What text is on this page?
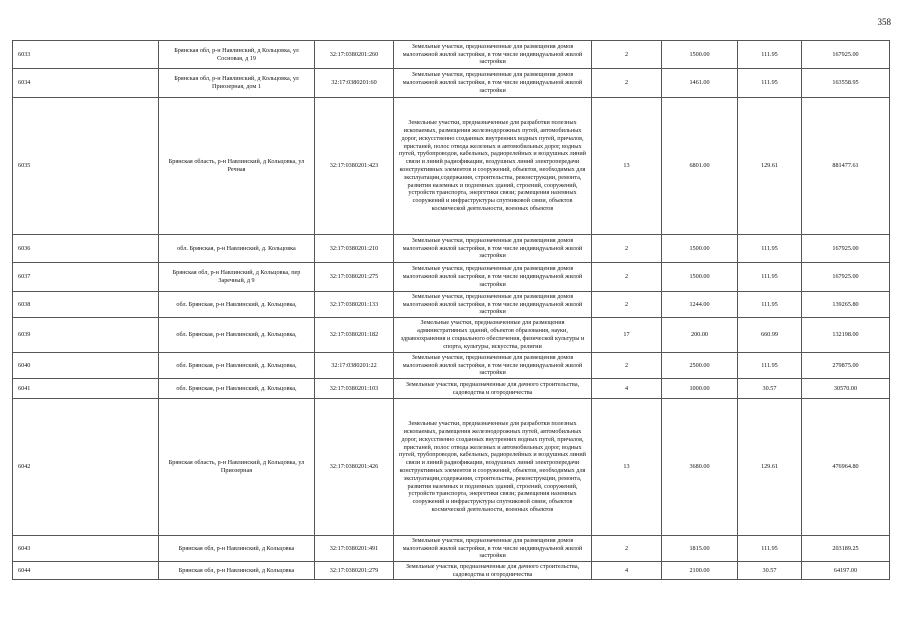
358
6033	Брянская обл, р-н Навлинский, д Кольцовка, ул Сосновая, д 19	32:17:0380201:260	Земельные участки, предназначенные для размещения домов малоэтажной жилой застройки, в том числе индивидуальной жилой застройки	2	1500.00	111.95	167925.00
6034	Брянская обл, р-н Навлинский, д Кольцовка, ул Приозерная, дом 1	32:17:0380201:60	Земельные участки, предназначенные для размещения домов малоэтажной жилой застройки, в том числе индивидуальной жилой застройки	2	1461.00	111.95	163558.95
6035	Брянская область, р-н Навлинский, д Кольцовка, ул Речная	32:17:0380201:423	Земельные участки, предназначенные для разработки полезных ископаемых, размещения железнодорожных путей, автомобильных дорог, искусственно созданных внутренних водных путей, причалов, пристаней, полос отвода железных и автомобильных дорог, водных путей, трубопроводов, кабельных, радиорелейных и воздушных линий связи и линий радиофикации, воздушных линий электропередачи конструктивных элементов и сооружений, объектов, необходимых для эксплуатации,содержания, строительства, реконструкции, ремонта, развития наземных и подземных зданий, строений, сооружений, устройств транспорта, энергетики связи; размещения наземных сооружений и инфраструктуры спутниковой связи, объектов космической деятельности, военных объектов	13	6801.00	129.61	881477.61
6036	обл. Брянская, р-н Навлинский, д. Кольцовка	32:17:0380201:210	Земельные участки, предназначенные для размещения домов малоэтажной жилой застройки, в том числе индивидуальной жилой застройки	2	1500.00	111.95	167925.00
6037	Брянская обл, р-н Навлинский, д Кольцовка, пер Заречный, д 9	32:17:0380201:275	Земельные участки, предназначенные для размещения домов малоэтажной жилой застройки, в том числе индивидуальной жилой застройки	2	1500.00	111.95	167925.00
6038	обл. Брянская, р-н Навлинский, д. Кольцовка,	32:17:0380201:133	Земельные участки, предназначенные для размещения домов малоэтажной жилой застройки, в том числе индивидуальной жилой застройки	2	1244.00	111.95	139265.80
6039	обл. Брянская, р-н Навлинский, д. Кольцовка,	32:17:0380201:182	Земельные участки, предназначенные для размещения административных зданий, объектов образования, науки, здравоохранения и социального обеспечения, физической культуры и спорта, культуры, искусства, религии	17	200.00	660.99	132198.00
6040	обл. Брянская, р-н Навлинский, д. Кольцовка,	32:17:0380201:22	Земельные участки, предназначенные для размещения домов малоэтажной жилой застройки, в том числе индивидуальной жилой застройки	2	2500.00	111.95	279875.00
6041	обл. Брянская, р-н Навлинский, д. Кольцовка,	32:17:0380201:103	Земельные участки, предназначенные для дачного строительства, садоводства и огородничества	4	1000.00	30.57	30570.00
6042	Брянская область, р-н Навлинский, д Кольцовка, ул Приозерная	32:17:0380201:426	Земельные участки, предназначенные для разработки полезных ископаемых, размещения железнодорожных путей, автомобильных дорог, искусственно созданных внутренних водных путей, причалов, пристаней, полос отвода железных и автомобильных дорог, водных путей, трубопроводов, кабельных, радиорелейных и воздушных линий связи и линий радиофикации, воздушных линий электропередачи конструктивных элементов и сооружений, объектов, необходимых для эксплуатации,содержания, строительства, реконструкции, ремонта, развития наземных и подземных зданий, строений, сооружений, устройств транспорта, энергетики связи; размещения наземных сооружений и инфраструктуры спутниковой связи, объектов космической деятельности, военных объектов	13	3680.00	129.61	476964.80
6043	Брянская обл, р-н Навлинский, д Кольцовка	32:17:0380201:491	Земельные участки, предназначенные для размещения домов малоэтажной жилой застройки, в том числе индивидуальной жилой застройки	2	1815.00	111.95	203189.25
6044	Брянская обл, р-н Навлинский, д Кольцовка	32:17:0380201:279	Земельные участки, предназначенные для дачного строительства, садоводства и огородничества	4	2100.00	30.57	64197.00
